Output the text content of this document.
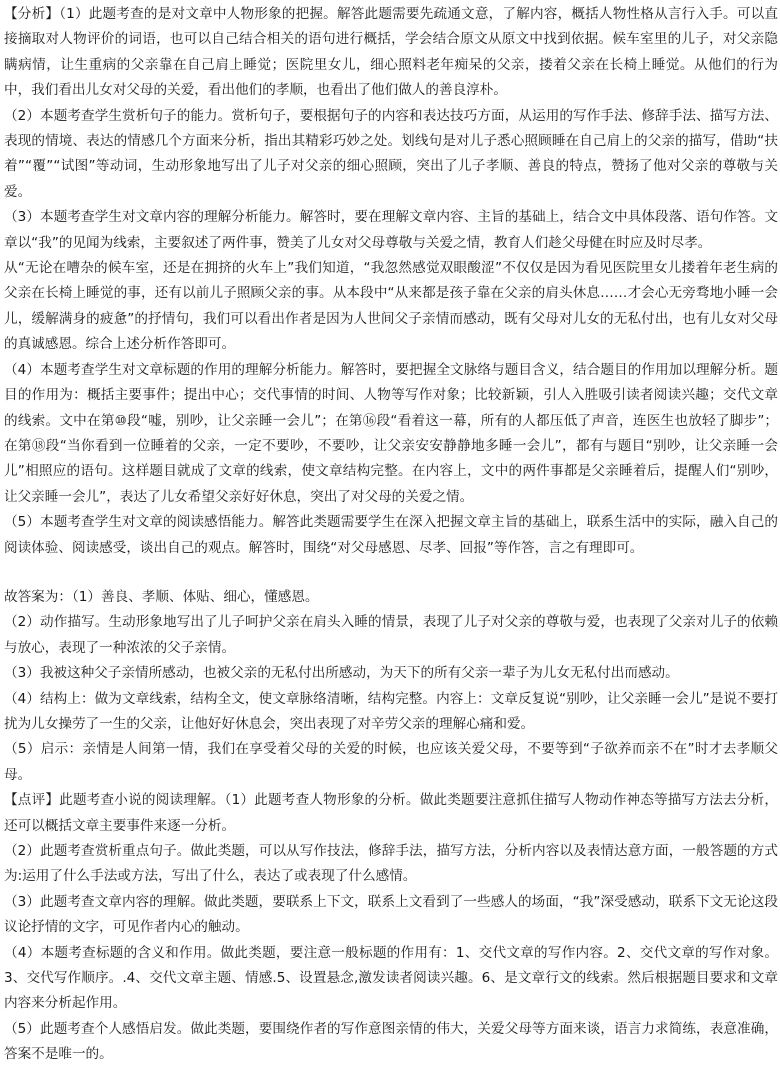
【分析】（1）此题考查的是对文章中人物形象的把握。解答此题需要先疏通文意，了解内容，概括人物性格从言行入手。可以直接摘取对人物评价的词语，也可以自己结合相关的语句进行概括，学会结合原文从原文中找到依据。候车室里的儿子，对父亲隐瞒病情，让生重病的父亲靠在自己肩上睡觉；医院里女儿，细心照料老年痴呆的父亲，搂着父亲在长椅上睡觉。从他们的行为中，我们看出儿女对父母的关爱，看出他们的孝顺，也看出了他们做人的善良淳朴。

（2）本题考查学生赏析句子的能力。赏析句子，要根据句子的内容和表达技巧方面，从运用的写作手法、修辞手法、描写方法、表现的情境、表达的情感几个方面来分析，指出其精彩巧妙之处。划线句是对儿子悉心照顾睡在自己肩上的父亲的描写，借助“扶着”“覆”“试图”等动词，生动形象地写出了儿子对父亲的细心照顾，突出了儿子孝顺、善良的特点，赞扬了他对父亲的尊敬与关爱。

（3）本题考查学生对文章内容的理解分析能力。解答时，要在理解文章内容、主旨的基础上，结合文中具体段落、语句作答。文章以“我”的见闻为线索，主要叙述了两件事，赞美了儿女对父母尊敬与关爱之情，教育人们趁父母健在时应及时尽孝。

从“无论在嘈杂的候车室，还是在拥挤的火车上”我们知道，“我忽然感觉双眼酸涩”不仅仅是因为看见医院里女儿搂着年老生病的父亲在长椅上睡觉的事，还有以前儿子照顾父亲的事。从本段中“从来都是孩子靠在父亲的肩头休息……才会心无旁骛地小睡一会儿，缓解满身的疲惫”的抒情句，我们可以看出作者是因为人世间父子亲情而感动，既有父母对儿女的无私付出，也有儿女对父母的真诚感恩。综合上述分析作答即可。

（4）本题考查学生对文章标题的作用的理解分析能力。解答时，要把握全文脉络与题目含义，结合题目的作用加以理解分析。题目的作用为：概括主要事件；提出中心；交代事情的时间、人物等写作对象；比较新颖，引人入胜吸引读者阅读兴趣；交代文章的线索。文中在第⑩段“嘘，别吵，让父亲睡一会儿”；在第⑯段“看着这一幕，所有的人都压低了声音，连医生也放轻了脚步”；在第⑱段“当你看到一位睡着的父亲，一定不要吵，不要吵，让父亲安安静静地多睡一会儿”，都有与题目“别吵，让父亲睡一会儿”相照应的语句。这样题目就成了文章的线索，使文章结构完整。在内容上，文中的两件事都是父亲睡着后，提醒人们“别吵，让父亲睡一会儿”，表达了儿女希望父亲好好休息，突出了对父母的关爱之情。

（5）本题考查学生对文章的阅读感悟能力。解答此类题需要学生在深入把握文章主旨的基础上，联系生活中的实际，融入自己的阅读体验、阅读感受，谈出自己的观点。解答时，围绕“对父母感恩、尽孝、回报”等作答，言之有理即可。

故答案为：（1）善良、孝顺、体贴、细心，懂感恩。

（2）动作描写。生动形象地写出了儿子呵护父亲在肩头入睡的情景，表现了儿子对父亲的尊敬与爱，也表现了父亲对儿子的依赖与放心，表现了一种浓浓的父子亲情。

（3）我被这种父子亲情所感动，也被父亲的无私付出所感动，为天下的所有父亲一辈子为儿女无私付出而感动。

（4）结构上：做为文章线索，结构全文，使文章脉络清晰，结构完整。内容上：文章反复说“别吵，让父亲睡一会儿”是说不要打扰为儿女操劳了一生的父亲，让他好好休息会，突出表现了对辛劳父亲的理解心痛和爱。

（5）启示：亲情是人间第一情，我们在享受着父母的关爱的时候，也应该关爱父母，不要等到“子欲养而亲不在”时才去孝顺父母。

【点评】此题考查小说的阅读理解。（1）此题考查人物形象的分析。做此类题要注意抓住描写人物动作神态等描写方法去分析，还可以概括文章主要事件来逐一分析。

（2）此题考查赏析重点句子。做此类题，可以从写作技法，修辞手法，描写方法，分析内容以及表情达意方面，一般答题的方式为:运用了什么手法或方法，写出了什么，表达了或表现了什么感情。

（3）此题考查文章内容的理解。做此类题，要联系上下文，联系上文看到了一些感人的场面，“我”深受感动，联系下文无论这段议论抒情的文字，可见作者内心的触动。

（4）本题考查标题的含义和作用。做此类题，要注意一般标题的作用有：1、交代文章的写作内容。2、交代文章的写作对象。3、交代写作顺序。.4、交代文章主题、情感.5、设置悬念,激发读者阅读兴趣。6、是文章行文的线索。然后根据题目要求和文章内容来分析起作用。

（5）此题考查个人感悟启发。做此类题，要围绕作者的写作意图亲情的伟大，关爱父母等方面来谈，语言力求简练，表意准确，答案不是唯一的。
